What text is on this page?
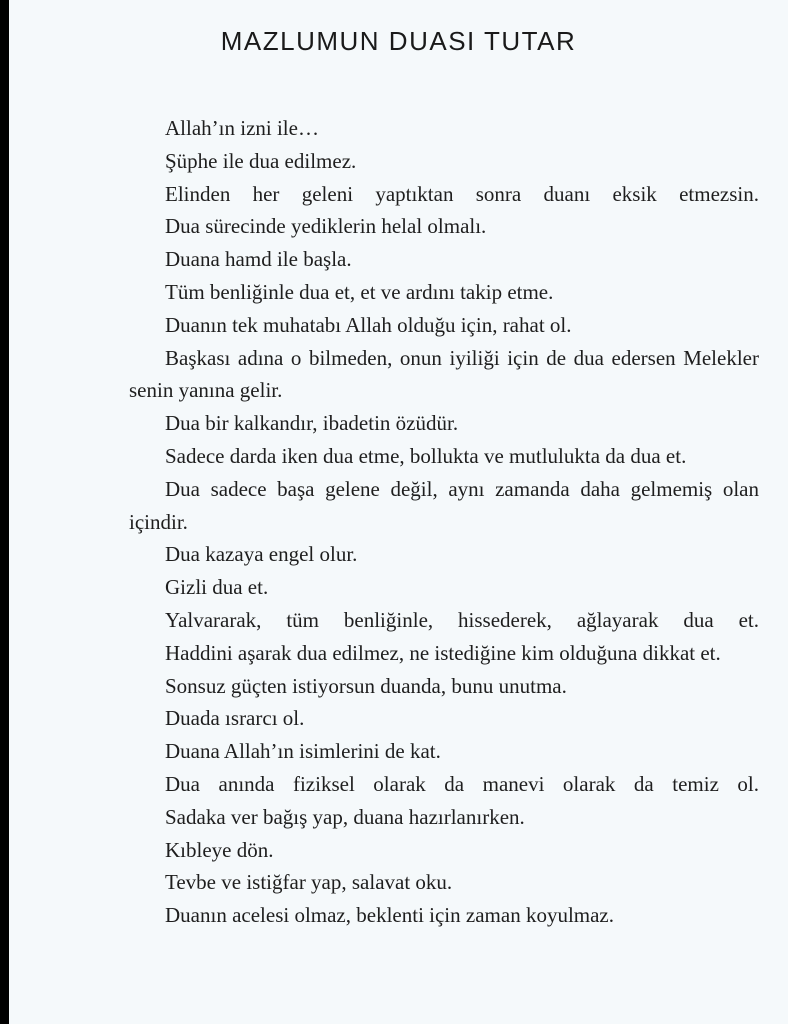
MAZLUMUN DUASI TUTAR

Allah’ın izni ile…

Şüphe ile dua edilmez.

Elinden her geleni yaptıktan sonra duanı eksik etmezsin.

Dua sürecinde yediklerin helal olmalı.

Duana hamd ile başla.

Tüm benliğinle dua et, et ve ardını takip etme.

Duanın tek muhatabı Allah olduğu için, rahat ol.

Başkası adına o bilmeden, onun iyiliği için de dua edersen Melekler senin yanına gelir.

Dua bir kalkandır, ibadetin özüdür.

Sadece darda iken dua etme, bollukta ve mutlulukta da dua et.

Dua sadece başa gelene değil, aynı zamanda daha gelmemiş olan içindir.

Dua kazaya engel olur.

Gizli dua et.

Yalvararak, tüm benliğinle, hissederek, ağlayarak dua et.

Haddini aşarak dua edilmez, ne istediğine kim olduğuna dikkat et.

Sonsuz güçten istiyorsun duanda, bunu unutma.

Duada ısrarcı ol.

Duana Allah’ın isimlerini de kat.

Dua anında fiziksel olarak da manevi olarak da temiz ol.

Sadaka ver bağış yap, duana hazırlanırken.

Kıbleye dön.

Tevbe ve istiğfar yap, salavat oku.

Duanın acelesi olmaz, beklenti için zaman koyulmaz.
